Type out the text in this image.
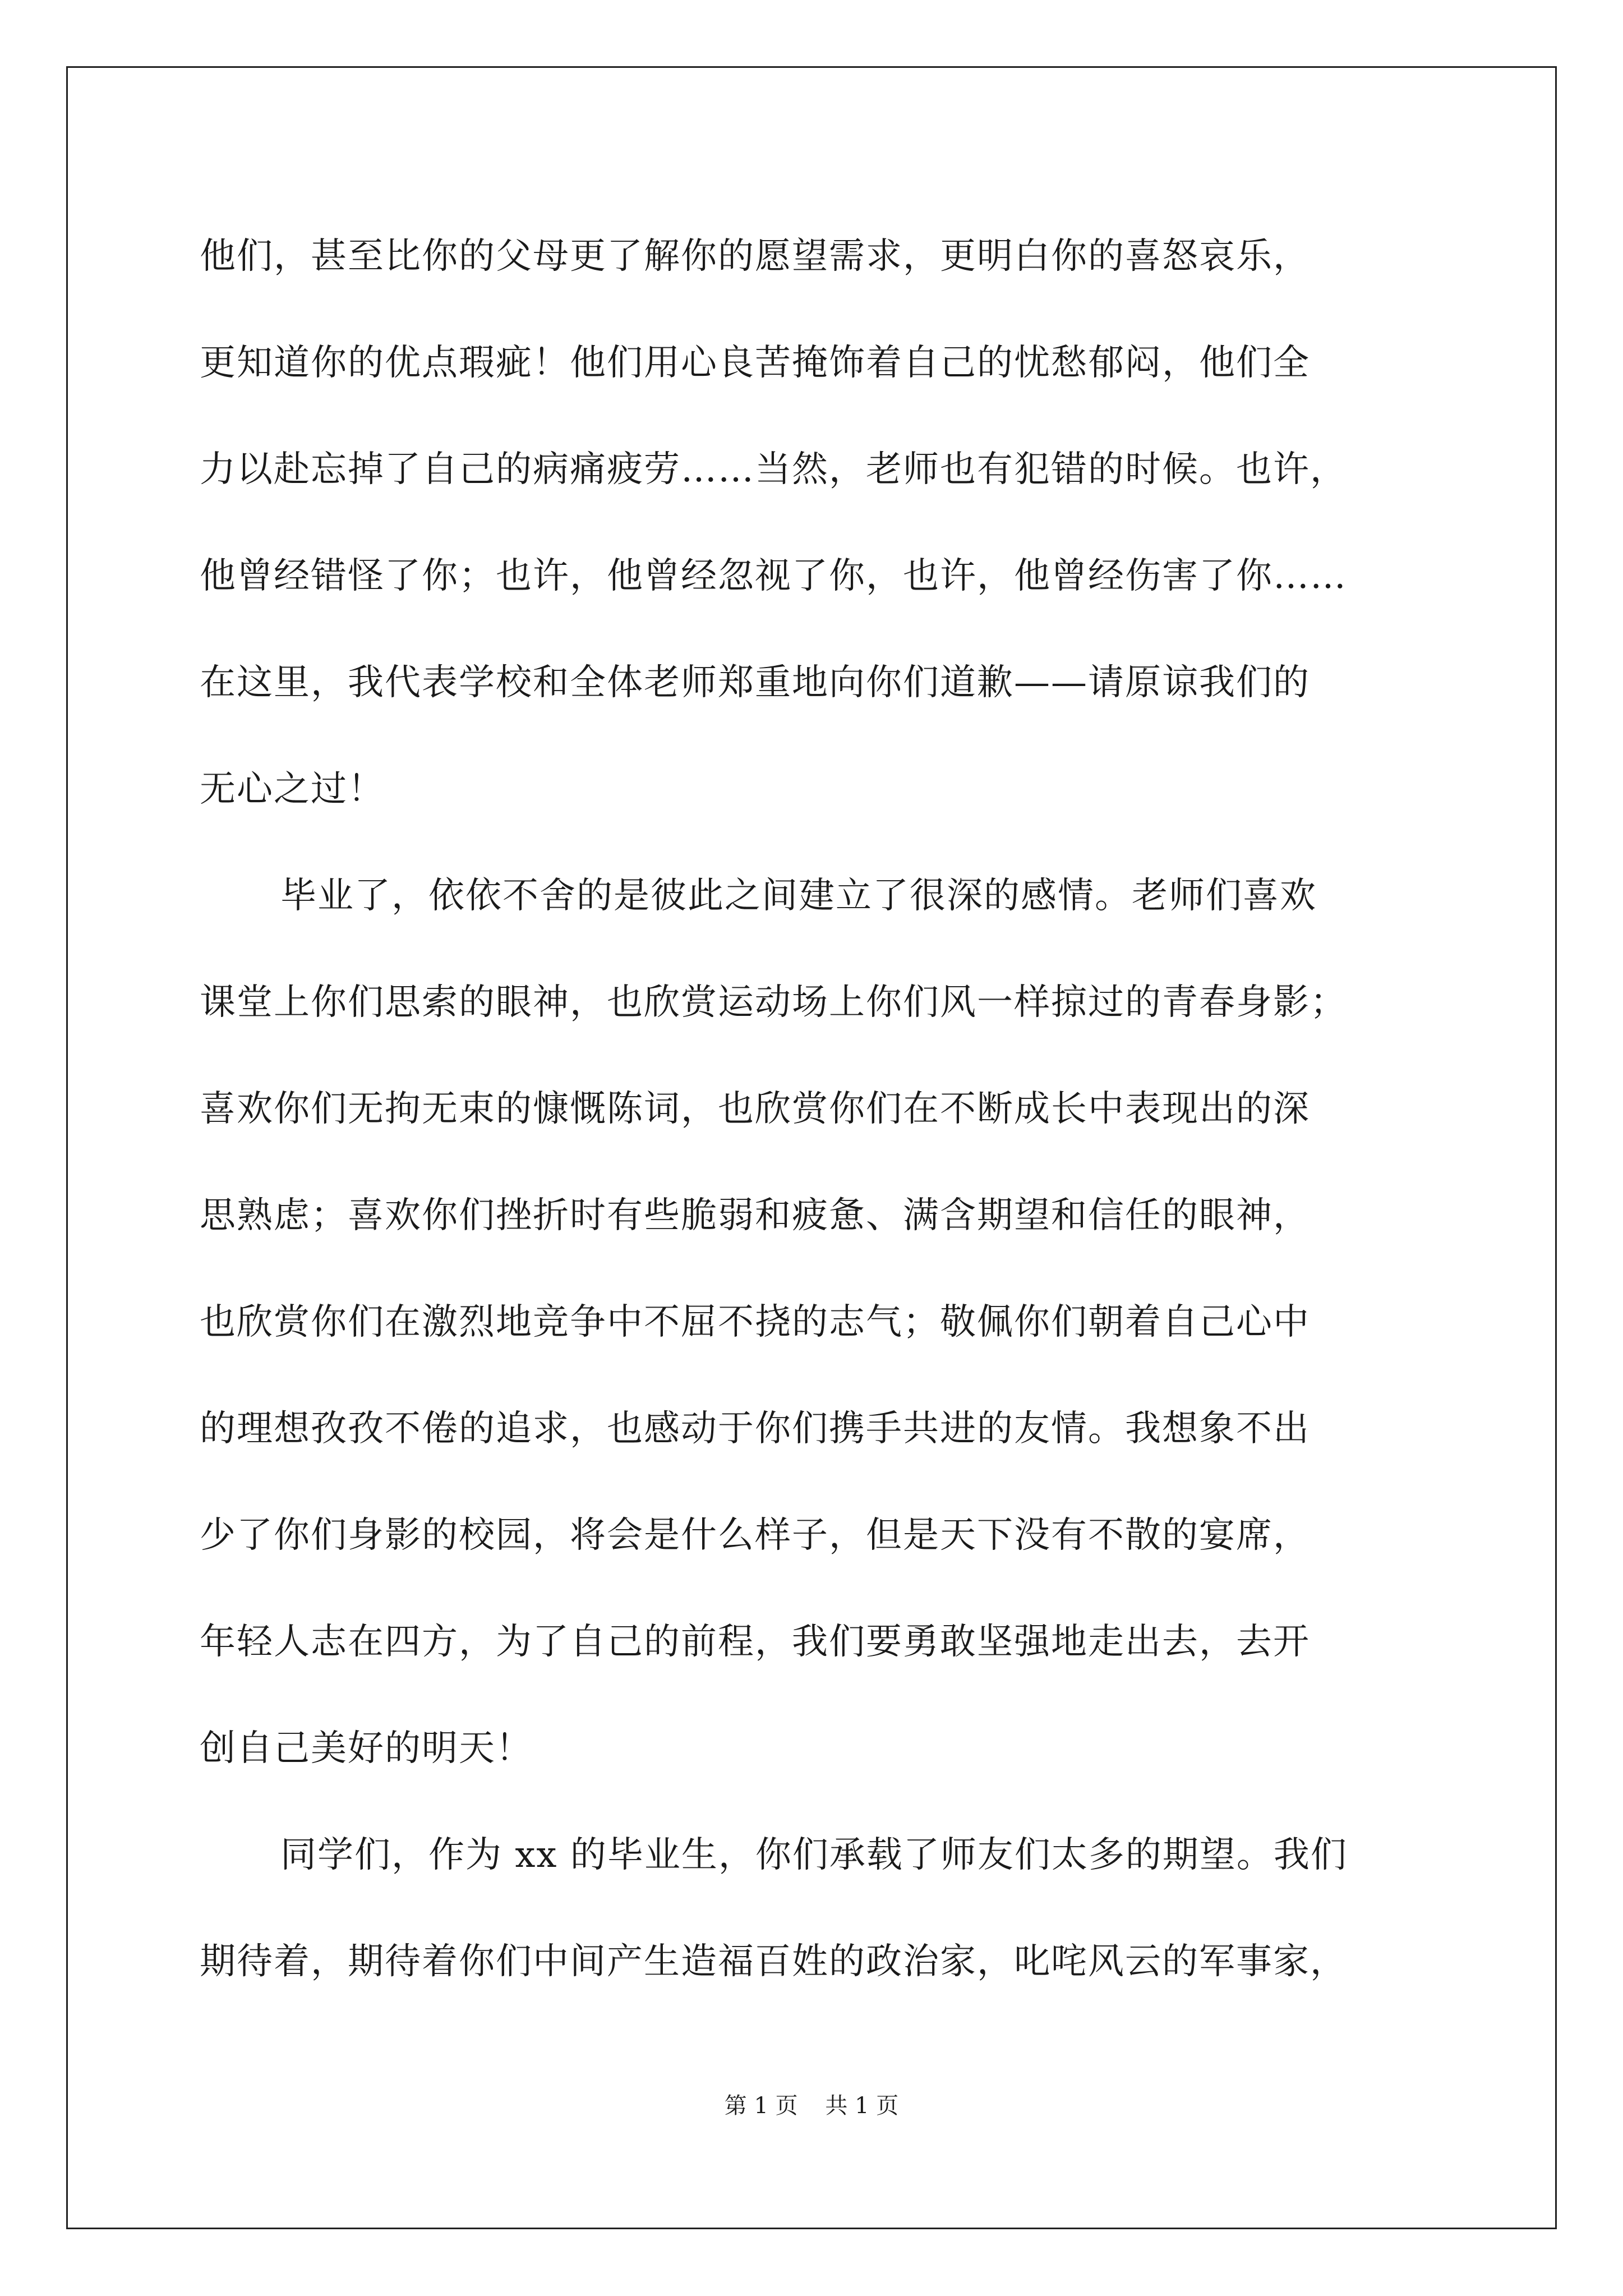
他们，甚至比你的父母更了解你的愿望需求，更明白你的喜怒哀乐，
更知道你的优点瑕疵！他们用心良苦掩饰着自己的忧愁郁闷，他们全
力以赴忘掉了自己的病痛疲劳……当然，老师也有犯错的时候。也许，
他曾经错怪了你；也许，他曾经忽视了你，也许，他曾经伤害了你……
在这里，我代表学校和全体老师郑重地向你们道歉——请原谅我们的
无心之过！
毕业了，依依不舍的是彼此之间建立了很深的感情。老师们喜欢
课堂上你们思索的眼神，也欣赏运动场上你们风一样掠过的青春身影；
喜欢你们无拘无束的慷慨陈词，也欣赏你们在不断成长中表现出的深
思熟虑；喜欢你们挫折时有些脆弱和疲惫、满含期望和信任的眼神，
也欣赏你们在激烈地竞争中不屈不挠的志气；敬佩你们朝着自己心中
的理想孜孜不倦的追求，也感动于你们携手共进的友情。我想象不出
少了你们身影的校园，将会是什么样子，但是天下没有不散的宴席，
年轻人志在四方，为了自己的前程，我们要勇敢坚强地走出去，去开
创自己美好的明天！
同学们，作为 xx 的毕业生，你们承载了师友们太多的期望。我们
期待着，期待着你们中间产生造福百姓的政治家，叱咤风云的军事家，
第 1 页 共 1 页
